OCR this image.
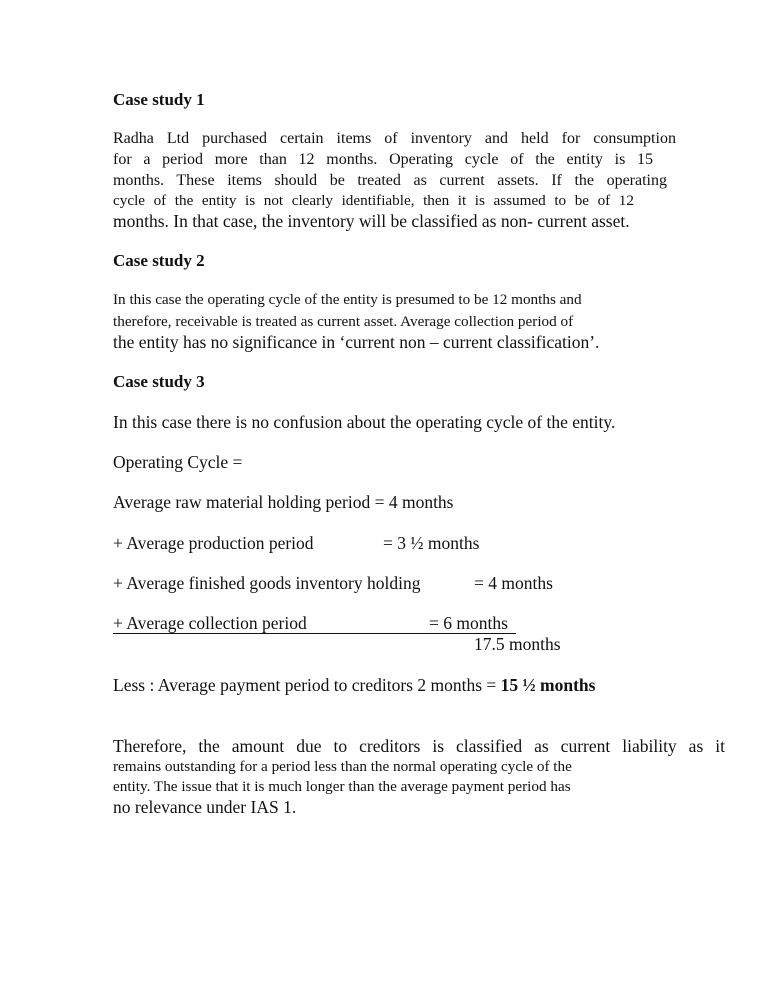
Case study 1
Radha Ltd purchased certain items of inventory and held for consumption
for a period more than 12 months. Operating cycle of the entity is 15
months. These items should be treated as current assets. If the operating
cycle of the entity is not clearly identifiable, then it is assumed to be of 12
months. In that case, the inventory will be classified as non- current asset.
Case study 2
In this case the operating cycle of the entity is presumed to be 12 months and
therefore, receivable is treated as current asset. Average collection period of
the entity has no significance in ‘current non – current classification’.
Case study 3
In this case there is no confusion about the operating cycle of the entity.
Operating Cycle =
Average raw material holding period = 4 months
+ Average production period	= 3 ½ months
+ Average finished goods inventory holding	= 4 months
+ Average collection period	= 6 months
17.5 months
Less : Average payment period to creditors 2 months = 15 ½ months
Therefore, the amount due to creditors is classified as current liability as it
remains outstanding for a period less than the normal operating cycle of the
entity. The issue that it is much longer than the average payment period has
no relevance under IAS 1.
